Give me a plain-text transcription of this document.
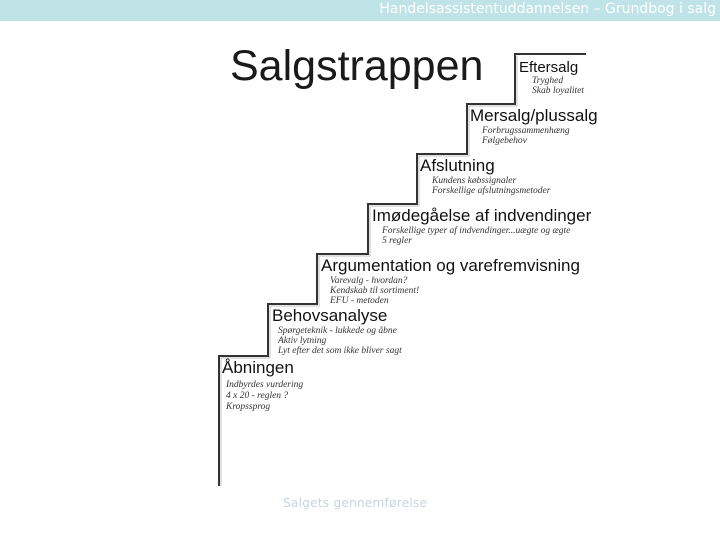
Handelsassistentuddannelsen – Grundbog i salg
Salgstrappen
Åbningen
Indbyrdes vurdering
4 x 20 - reglen ?
Kropssprog
Behovsanalyse
Spørgeteknik - lukkede og åbne
Aktiv lytning
Lyt efter det som ikke bliver sagt
Argumentation og varefremvisning
Varevalg - hvordan?
Kendskab til sortiment!
EFU - metoden
Imødegåelse af indvendinger
Forskellige typer af indvendinger...uægte og ægte
5 regler
Afslutning
Kundens købssignaler
Forskellige afslutningsmetoder
Mersalg/plussalg
Forbrugssammenhæng
Følgebehov
Eftersalg
Tryghed
Skab loyalitet
Salgets gennemførelse
